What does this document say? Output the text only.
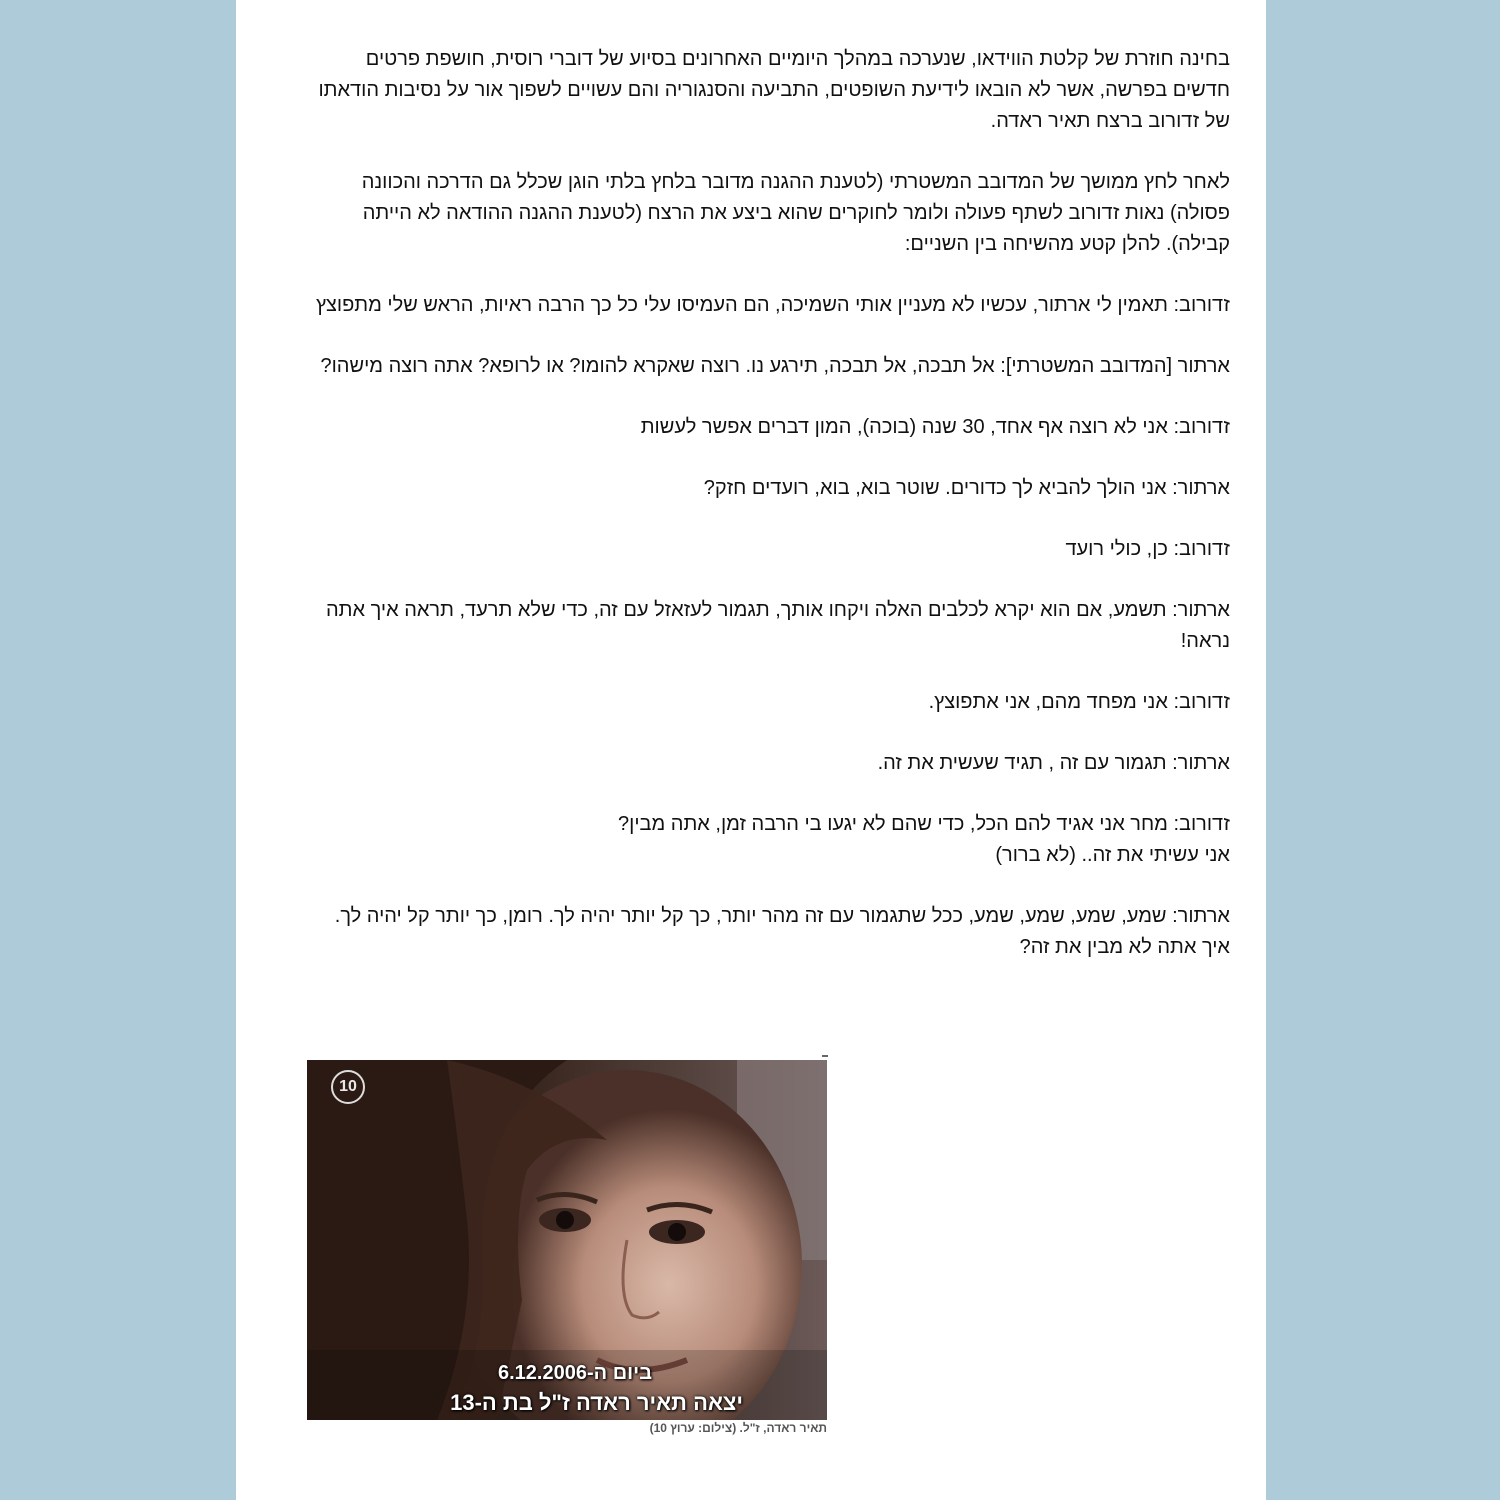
בחינה חוזרת של קלטת הווידאו, שנערכה במהלך היומיים האחרונים בסיוע של דוברי רוסית, חושפת פרטים חדשים בפרשה, אשר לא הובאו לידיעת השופטים, התביעה והסנגוריה והם עשויים לשפוך אור על נסיבות הודאתו של זדורוב ברצח תאיר ראדה.

לאחר לחץ ממושך של המדובב המשטרתי (לטענת ההגנה מדובר בלחץ בלתי הוגן שכלל גם הדרכה והכוונה פסולה) נאות זדורוב לשתף פעולה ולומר לחוקרים שהוא ביצע את הרצח (לטענת ההגנה ההודאה לא הייתה קבילה). להלן קטע מהשיחה בין השניים:

זדורוב: תאמין לי ארתור, עכשיו לא מעניין אותי השמיכה, הם העמיסו עלי כל כך הרבה ראיות, הראש שלי מתפוצץ

ארתור [המדובב המשטרתי]: אל תבכה, אל תבכה, תירגע נו. רוצה שאקרא להומו? או לרופא? אתה רוצה מישהו?

זדורוב: אני לא רוצה אף אחד, 30 שנה (בוכה), המון דברים אפשר לעשות

ארתור: אני הולך להביא לך כדורים. שוטר בוא, בוא, רועדים חזק?

זדורוב: כן, כולי רועד

ארתור: תשמע, אם הוא יקרא לכלבים האלה ויקחו אותך, תגמור לעזאזל עם זה, כדי שלא תרעד, תראה איך אתה נראה!

זדורוב: אני מפחד מהם, אני אתפוצץ.

ארתור: תגמור עם זה , תגיד שעשית את זה.

זדורוב: מחר אני אגיד להם הכל, כדי שהם לא יגעו בי הרבה זמן, אתה מבין?
אני עשיתי את זה.. (לא ברור)

ארתור: שמע, שמע, שמע, שמע, ככל שתגמור עם זה מהר יותר, כך קל יותר יהיה לך. רומן, כך יותר קל יהיה לך. איך אתה לא מבין את זה?

10
ביום ה-6.12.2006
יצאה תאיר ראדה ז"ל בת ה-13
תאיר ראדה, ז"ל. (צילום: ערוץ 10)
